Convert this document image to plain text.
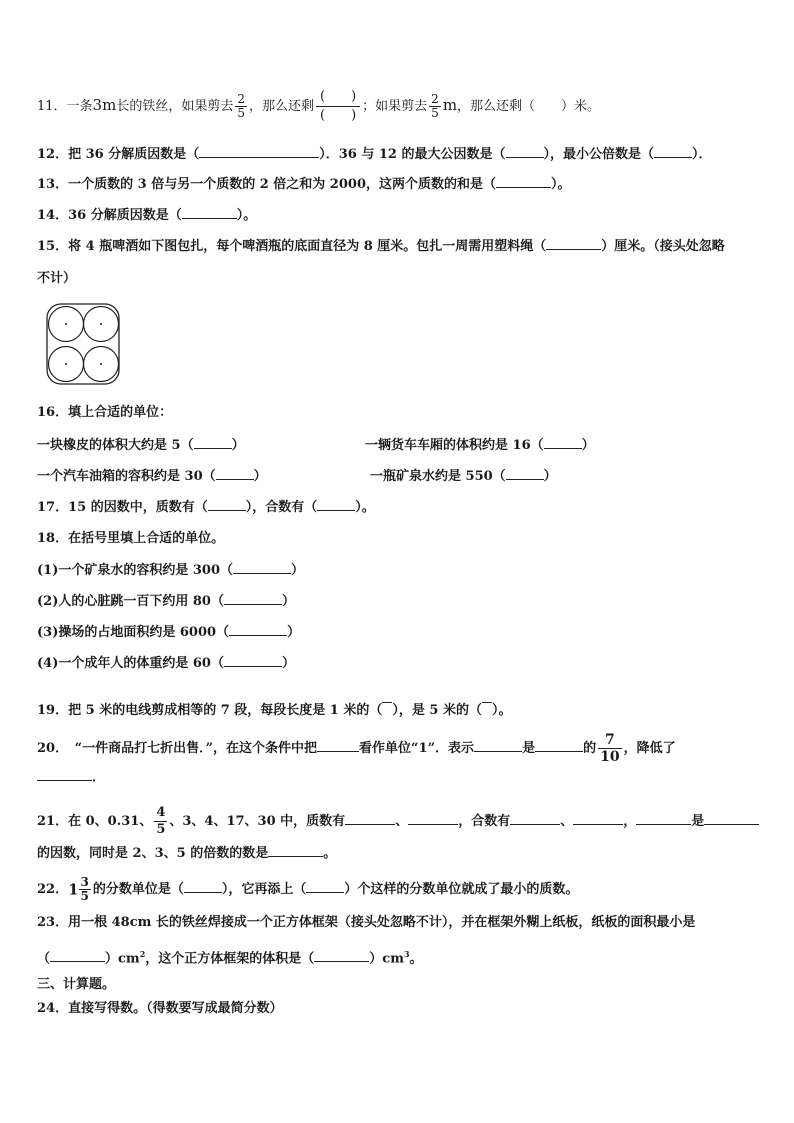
11．一条3m长的铁丝，如果剪去 $\frac{2}{5}$ ，那么还剩 $\frac{( )}{( )}$ ；如果剪去 $\frac{2}{5}$ m，那么还剩（　　）米。
12．把 36 分解质因数是（	）．36 与 12 的最大公因数是（	），最小公倍数是（	）．
13．一个质数的 3 倍与另一个质数的 2 倍之和为 2000，这两个质数的和是（	）。
14．36 分解质因数是（	）。
15．将 4 瓶啤酒如下图包扎，每个啤酒瓶的底面直径为 8 厘米。包扎一周需用塑料绳（	）厘米。（接头处忽略
不计）
16．填上合适的单位：
一块橡皮的体积大约是 5（	）	一辆货车车厢的体积约是 16（	）
一个汽车油箱的容积约是 30（	）	一瓶矿泉水约是 550（	）
17．15 的因数中，质数有（	），合数有（	）。
18．在括号里填上合适的单位。
(1)一个矿泉水的容积约是 300（	）
(2)人的心脏跳一百下约用 80（	）
(3)操场的占地面积约是 6000（	）
(4)一个成年人的体重约是 60（	）
19．把 5 米的电线剪成相等的 7 段，每段长度是 1 米的（ ），是 5 米的（ ）。
20．　“一件商品打七折出售．”，在这个条件中把	看作单位“1”．表示	是	的 $\frac{7}{10}$ ，降低了
．
21．在 0、0.31、 $\frac{4}{5}$ 、3、4、17、30 中，质数有	、	，合数有	、	，	是
的因数，同时是 2、3、5 的倍数的数是	。
22．$1 \frac{3}{5}$ 的分数单位是（	），它再添上（	）个这样的分数单位就成了最小的质数。
23．用一根 48cm 长的铁丝焊接成一个正方体框架（接头处忽略不计），并在框架外糊上纸板，纸板的面积最小是
（	）$cm^2$，这个正方体框架的体积是（	）$cm^3$。
三、计算题。
24．直接写得数。（得数要写成最简分数）
